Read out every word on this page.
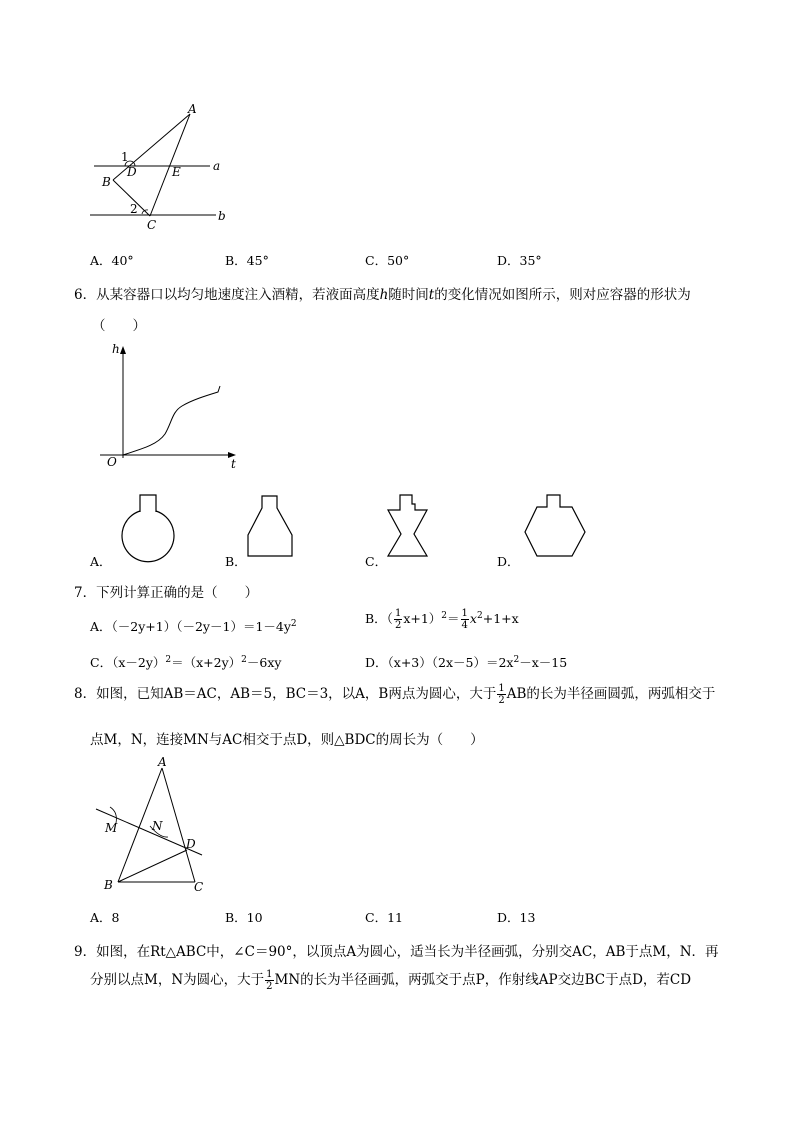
A
1
D	E	a
B
2	b
C
A．40°	B．45°	C．50°	D．35°
6．从某容器口以均匀地速度注入酒精，若液面高度h随时间t的变化情况如图所示，则对应容器的形状为
（　　）
h
O	t
A．	B．	C．	D．
7．下列计算正确的是（　　）
A．$(-2y+1)(-2y-1)=1-4y^2$	B．（ $\frac{1}{2} x+1)^2= \frac{1}{4} x^2+1+x$
C．$(x-2y)^2=(x+2y)^2-6xy$	D．$(x+3)(2x-5)=2x^2-x-15$
8．如图，已知AB＝AC，AB＝5，BC＝3，以A，B两点为圆心，大于 $\frac{1}{2}$ AB的长为半径画圆弧，两弧相交于
点M，N，连接MN与AC相交于点D，则△BDC的周长为（　　）
A
M	N
D
B	C
A．8	B．10	C．11	D．13
9．如图，在Rt△ABC中，∠C＝90°，以顶点A为圆心，适当长为半径画弧，分别交AC，AB于点M，N．再
分别以点M，N为圆心，大于 $\frac{1}{2}$ MN的长为半径画弧，两弧交于点P，作射线AP交边BC于点D，若CD
